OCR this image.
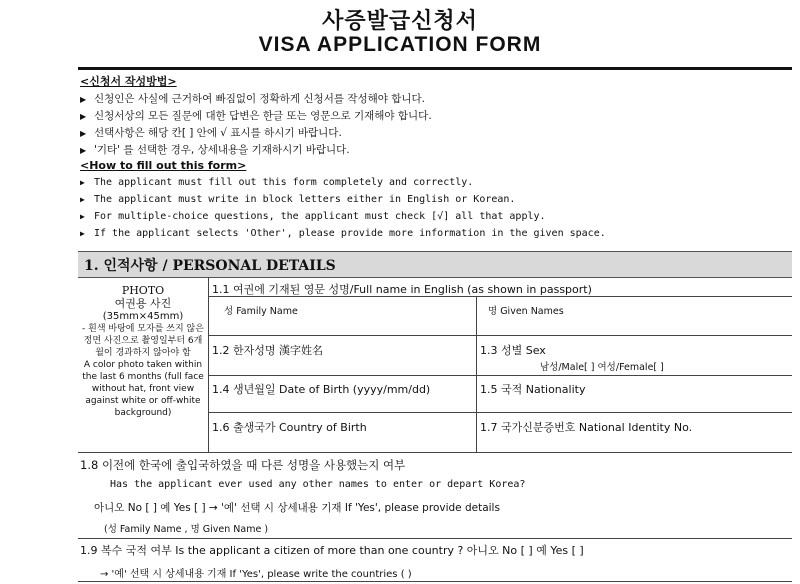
사증발급신청서
VISA APPLICATION FORM
<신청서 작성방법>
▶ 신청인은 사실에 근거하여 빠짐없이 정확하게 신청서를 작성해야 합니다.
▶ 신청서상의 모든 질문에 대한 답변은 한글 또는 영문으로 기재해야 합니다.
▶ 선택사항은 해당 칸[ ] 안에 √ 표시를 하시기 바랍니다.
▶ '기타' 를 선택한 경우, 상세내용을 기재하시기 바랍니다.
<How to fill out this form>
▶ The applicant must fill out this form completely and correctly.
▶ The applicant must write in block letters either in English or Korean.
▶ For multiple-choice questions, the applicant must check [√] all that apply.
▶ If the applicant selects 'Other', please provide more information in the given space.
1. 인적사항 / PERSONAL DETAILS
PHOTO
여권용 사진
(35mm×45mm)
- 흰색 바탕에 모자를 쓰지 않은 정면 사진으로 촬영일부터 6개월이 경과하지 않아야 함
A color photo taken within the last 6 months (full face without hat, front view against white or off-white background)
1.1 여권에 기재된 영문 성명/Full name in English (as shown in passport)
성 Family Name	명 Given Names
1.2 한자성명 漢字姓名	1.3 성별 Sex
남성/Male[ ] 여성/Female[ ]
1.4 생년월일 Date of Birth (yyyy/mm/dd)	1.5 국적 Nationality
1.6 출생국가 Country of Birth	1.7 국가신분증번호 National Identity No.
1.8 이전에 한국에 출입국하였을 때 다른 성명을 사용했는지 여부
Has the applicant ever used any other names to enter or depart Korea?
아니오 No [ ] 예 Yes [ ] → '예' 선택 시 상세내용 기재 If 'Yes', please provide details
(성 Family Name , 명 Given Name )
1.9 복수 국적 여부 Is the applicant a citizen of more than one country ? 아니오 No [ ] 예 Yes [ ]
→ '예' 선택 시 상세내용 기재 If 'Yes', please write the countries ( )
